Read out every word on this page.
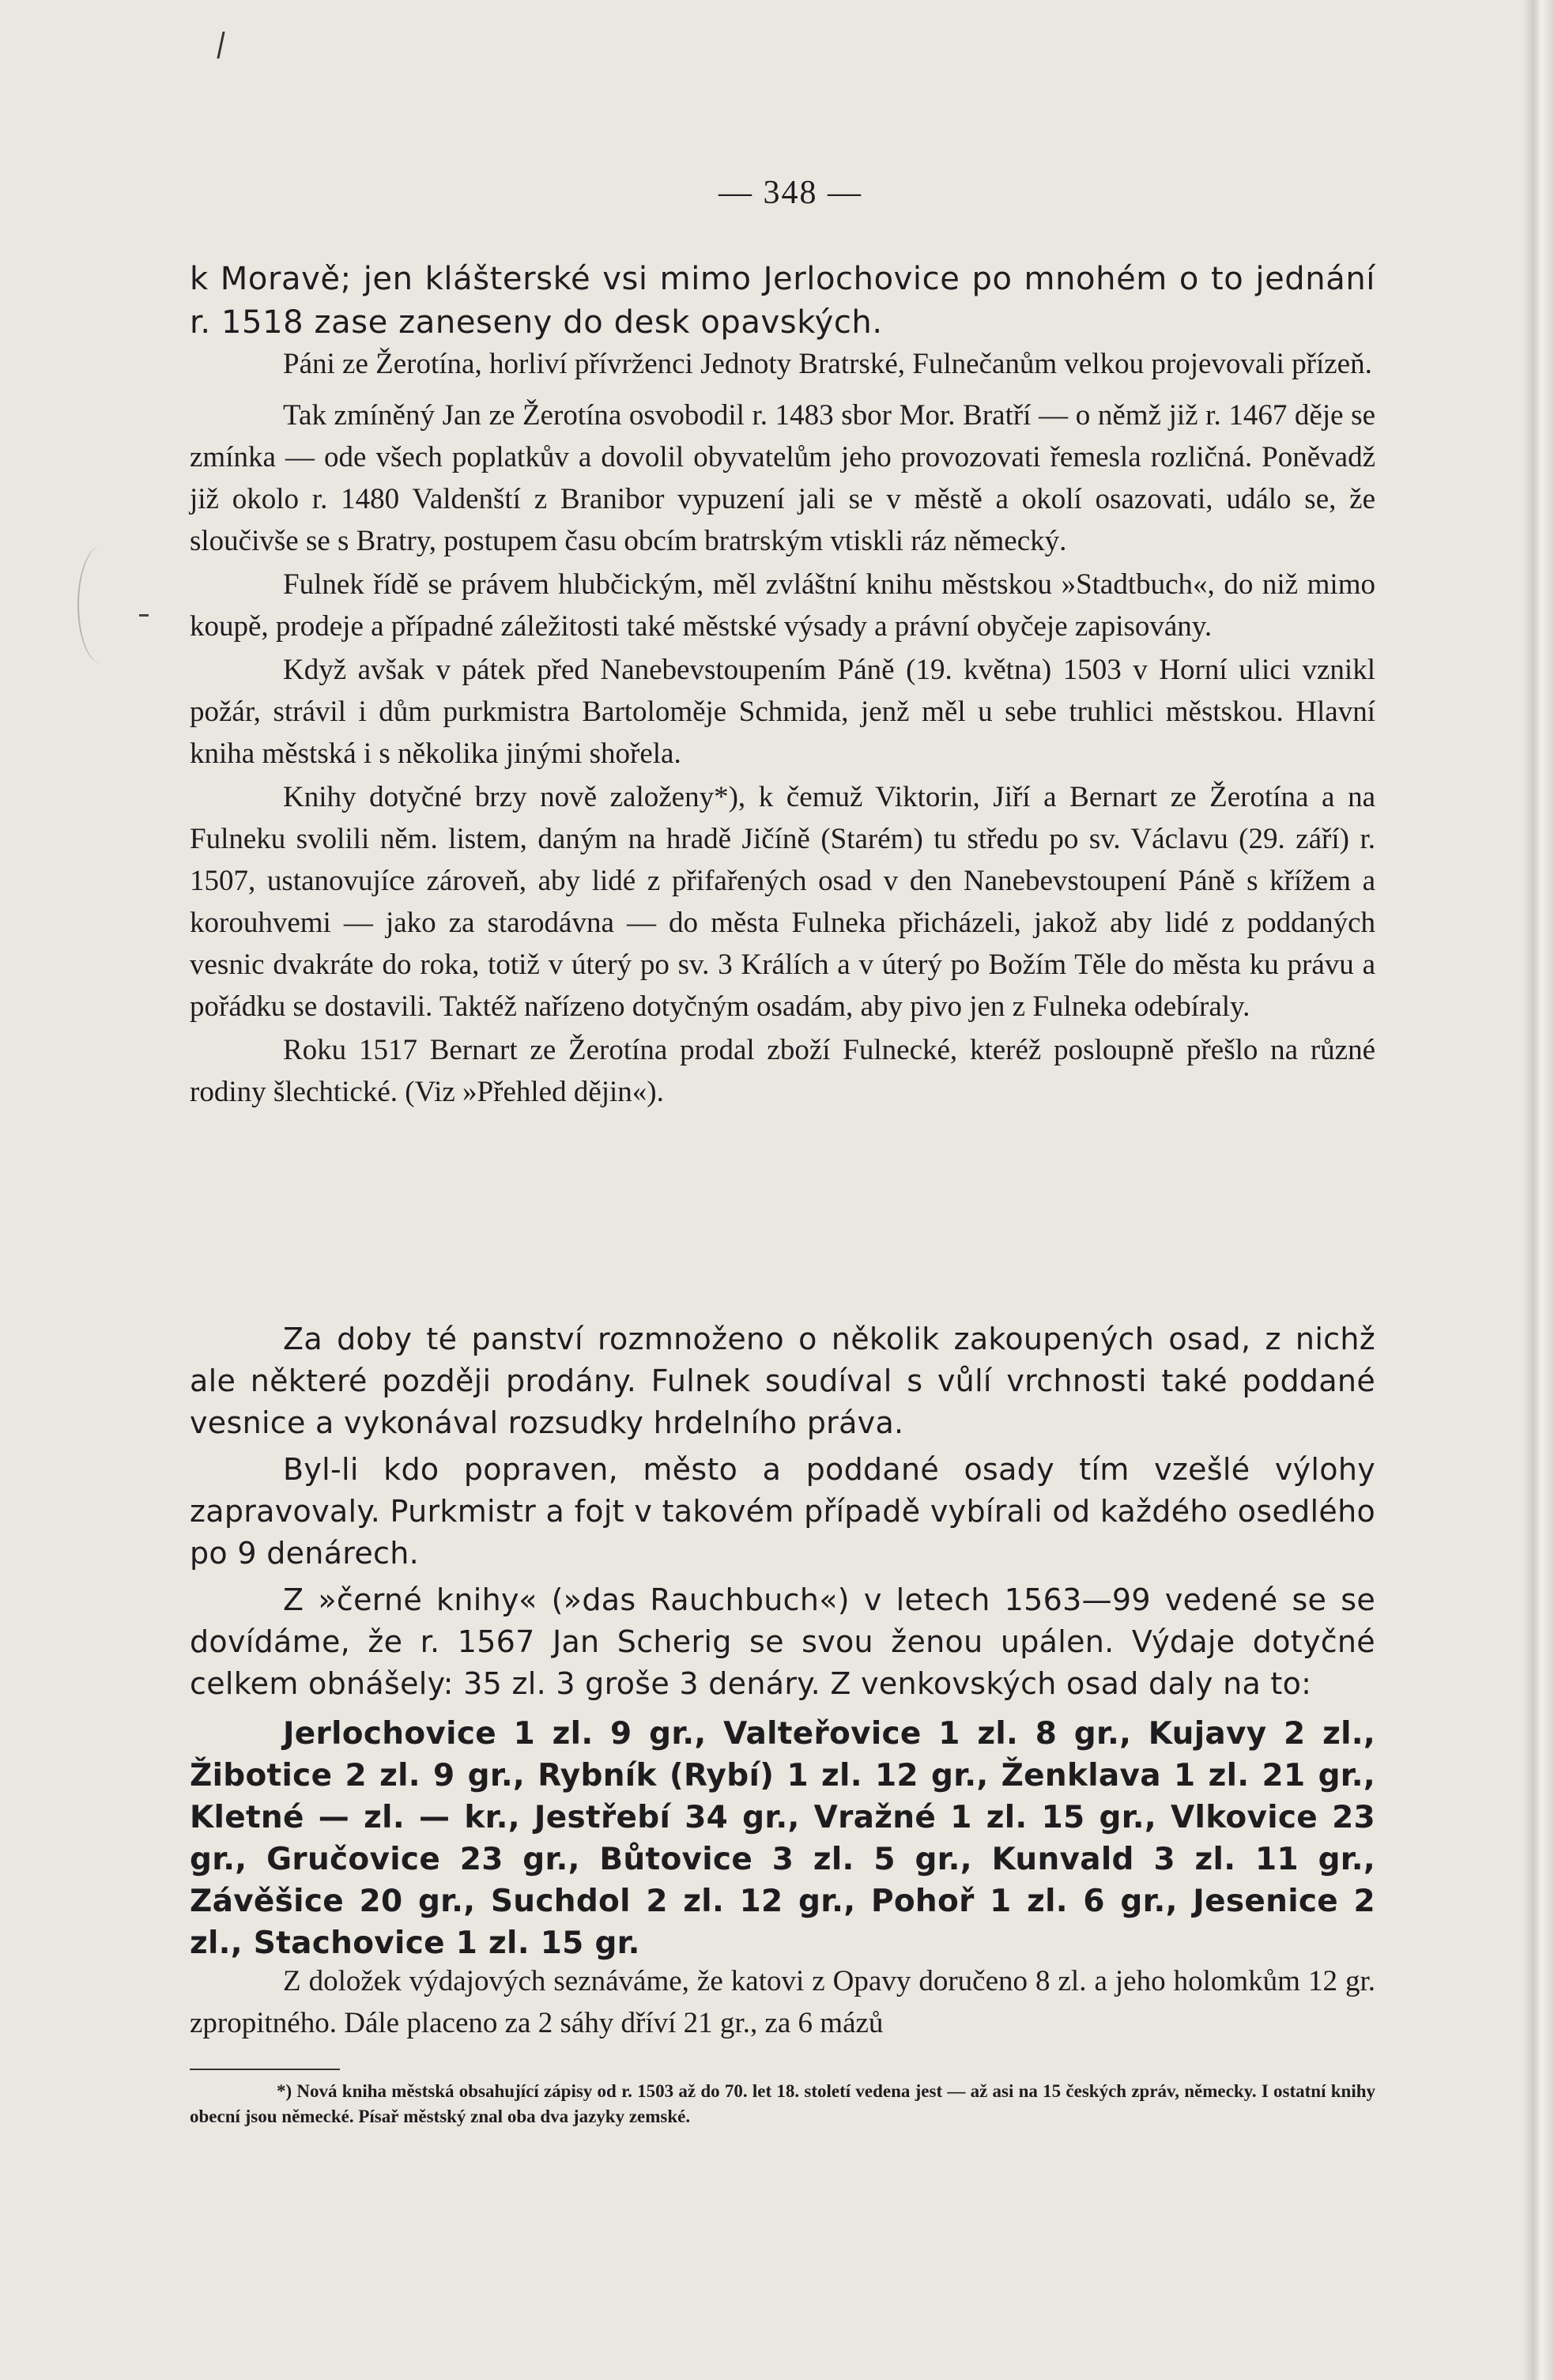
— 348 —

k Moravě; jen klášterské vsi mimo Jerlochovice po mnohém o to jednání r. 1518 zase zaneseny do desk opavských.

Páni ze Žerotína, horliví přívrženci Jednoty Bratrské, Fulnečanům velkou projevovali přízeň.

Tak zmíněný Jan ze Žerotína osvobodil r. 1483 sbor Mor. Bratří — o němž již r. 1467 děje se zmínka — ode všech poplatkův a dovolil obyvatelům jeho provozovati řemesla rozličná. Poněvadž již okolo r. 1480 Valdenští z Branibor vypuzení jali se v městě a okolí osazovati, událo se, že sloučivše se s Bratry, postupem času obcím bratrským vtiskli ráz německý.

Fulnek řídě se právem hlubčickým, měl zvláštní knihu městskou »Stadtbuch«, do niž mimo koupě, prodeje a případné záležitosti také městské výsady a právní obyčeje zapisovány.

Když avšak v pátek před Nanebevstoupením Páně (19. května) 1503 v Horní ulici vznikl požár, strávil i dům purkmistra Bartoloměje Schmida, jenž měl u sebe truhlici městskou. Hlavní kniha městská i s několika jinými shořela.

Knihy dotyčné brzy nově založeny*), k čemuž Viktorin, Jiří a Bernart ze Žerotína a na Fulneku svolili něm. listem, daným na hradě Jičíně (Starém) tu středu po sv. Václavu (29. září) r. 1507, ustanovujíce zároveň, aby lidé z přifařených osad v den Nanebevstoupení Páně s křížem a korouhvemi — jako za starodávna — do města Fulneka přicházeli, jakož aby lidé z poddaných vesnic dvakráte do roka, totiž v úterý po sv. 3 Králích a v úterý po Božím Těle do města ku právu a pořádku se dostavili. Taktéž nařízeno dotyčným osadám, aby pivo jen z Fulneka odebíraly.

Roku 1517 Bernart ze Žerotína prodal zboží Fulnecké, kteréž posloupně přešlo na různé rodiny šlechtické. (Viz »Přehled dějin«).

Za doby té panství rozmnoženo o několik zakoupených osad, z nichž ale některé později prodány. Fulnek soudíval s vůlí vrchnosti také poddané vesnice a vykonával rozsudky hrdelního práva.

Byl-li kdo popraven, město a poddané osady tím vzešlé výlohy zapravovaly. Purkmistr a fojt v takovém případě vybírali od každého osedlého po 9 denárech.

Z »černé knihy« (»das Rauchbuch«) v letech 1563—99 vedené se se dovídáme, že r. 1567 Jan Scherig se svou ženou upálen. Výdaje dotyčné celkem obnášely: 35 zl. 3 groše 3 denáry. Z venkovských osad daly na to:

Jerlochovice 1 zl. 9 gr., Valteřovice 1 zl. 8 gr., Kujavy 2 zl., Žibotice 2 zl. 9 gr., Rybník (Rybí) 1 zl. 12 gr., Ženklava 1 zl. 21 gr., Kletné — zl. — kr., Jestřebí 34 gr., Vražné 1 zl. 15 gr., Vlkovice 23 gr., Gručovice 23 gr., Bůtovice 3 zl. 5 gr., Kunvald 3 zl. 11 gr., Závěšice 20 gr., Suchdol 2 zl. 12 gr., Pohoř 1 zl. 6 gr., Jesenice 2 zl., Stachovice 1 zl. 15 gr.

Z doložek výdajových seznáváme, že katovi z Opavy doručeno 8 zl. a jeho holomkům 12 gr. zpropitného. Dále placeno za 2 sáhy dříví 21 gr., za 6 mázů

*) Nová kniha městská obsahující zápisy od r. 1503 až do 70. let 18. století vedena jest — až asi na 15 českých zpráv, německy. I ostatní knihy obecní jsou německé. Písař městský znal oba dva jazyky zemské.
